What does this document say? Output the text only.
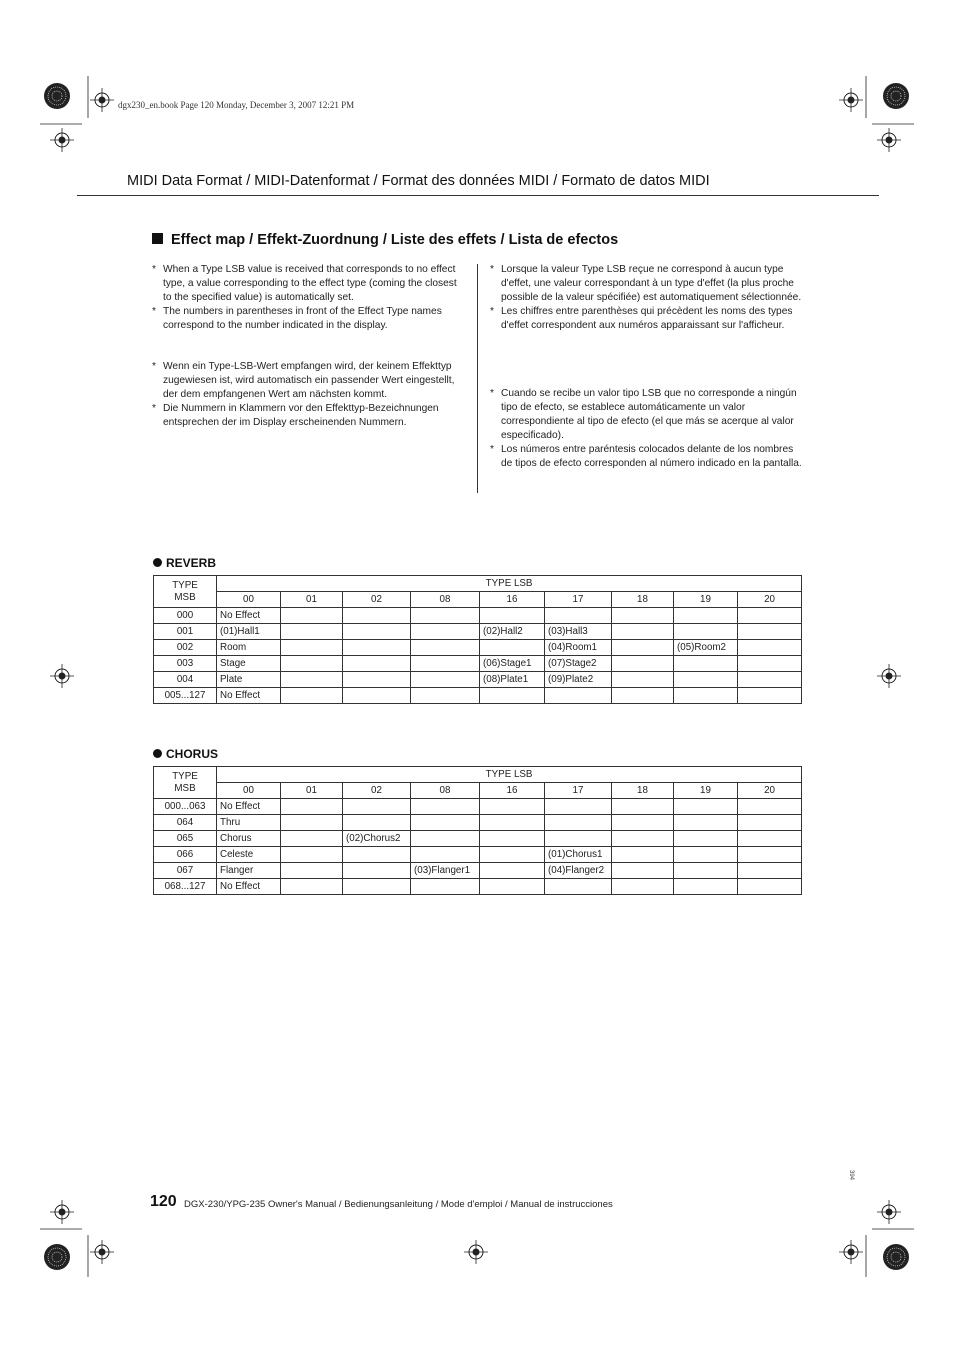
dgx230_en.book Page 120 Monday, December 3, 2007 12:21 PM
MIDI Data Format / MIDI-Datenformat / Format des données MIDI / Formato de datos MIDI
Effect map / Effekt-Zuordnung / Liste des effets / Lista de efectos

* When a Type LSB value is received that corresponds to no effect type, a value corresponding to the effect type (coming the closest to the specified value) is automatically set.

* The numbers in parentheses in front of the Effect Type names correspond to the number indicated in the display.

* Wenn ein Type-LSB-Wert empfangen wird, der keinem Effekttyp zugewiesen ist, wird automatisch ein passender Wert eingestellt, der dem empfangenen Wert am nächsten kommt.

* Die Nummern in Klammern vor den Effekttyp-Bezeichnungen entsprechen der im Display erscheinenden Nummern.

* Lorsque la valeur Type LSB reçue ne correspond à aucun type d'effet, une valeur correspondant à un type d'effet (la plus proche possible de la valeur spécifiée) est automatiquement sélectionnée.

* Les chiffres entre parenthèses qui précèdent les noms des types d'effet correspondent aux numéros apparaissant sur l'afficheur.

* Cuando se recibe un valor tipo LSB que no corresponde a ningún tipo de efecto, se establece automáticamente un valor correspondiente al tipo de efecto (el que más se acerque al valor especificado).

* Los números entre paréntesis colocados delante de los nombres de tipos de efecto corresponden al número indicado en la pantalla.

REVERB
TYPE
MSB	TYPE LSB								
	00	01	02	08	16	17	18	19	20
000	No Effect								
001	(01)Hall1				(02)Hall2	(03)Hall3			
002	Room					(04)Room1		(05)Room2	
003	Stage				(06)Stage1	(07)Stage2			
004	Plate				(08)Plate1	(09)Plate2			
005...127	No Effect								
CHORUS
TYPE
MSB	TYPE LSB								
	00	01	02	08	16	17	18	19	20
000...063	No Effect								
064	Thru								
065	Chorus		(02)Chorus2						
066	Celeste					(01)Chorus1			
067	Flanger			(03)Flanger1		(04)Flanger2			
068...127	No Effect								
120 DGX-230/YPG-235 Owner's Manual / Bedienungsanleitung / Mode d'emploi / Manual de instrucciones
394
